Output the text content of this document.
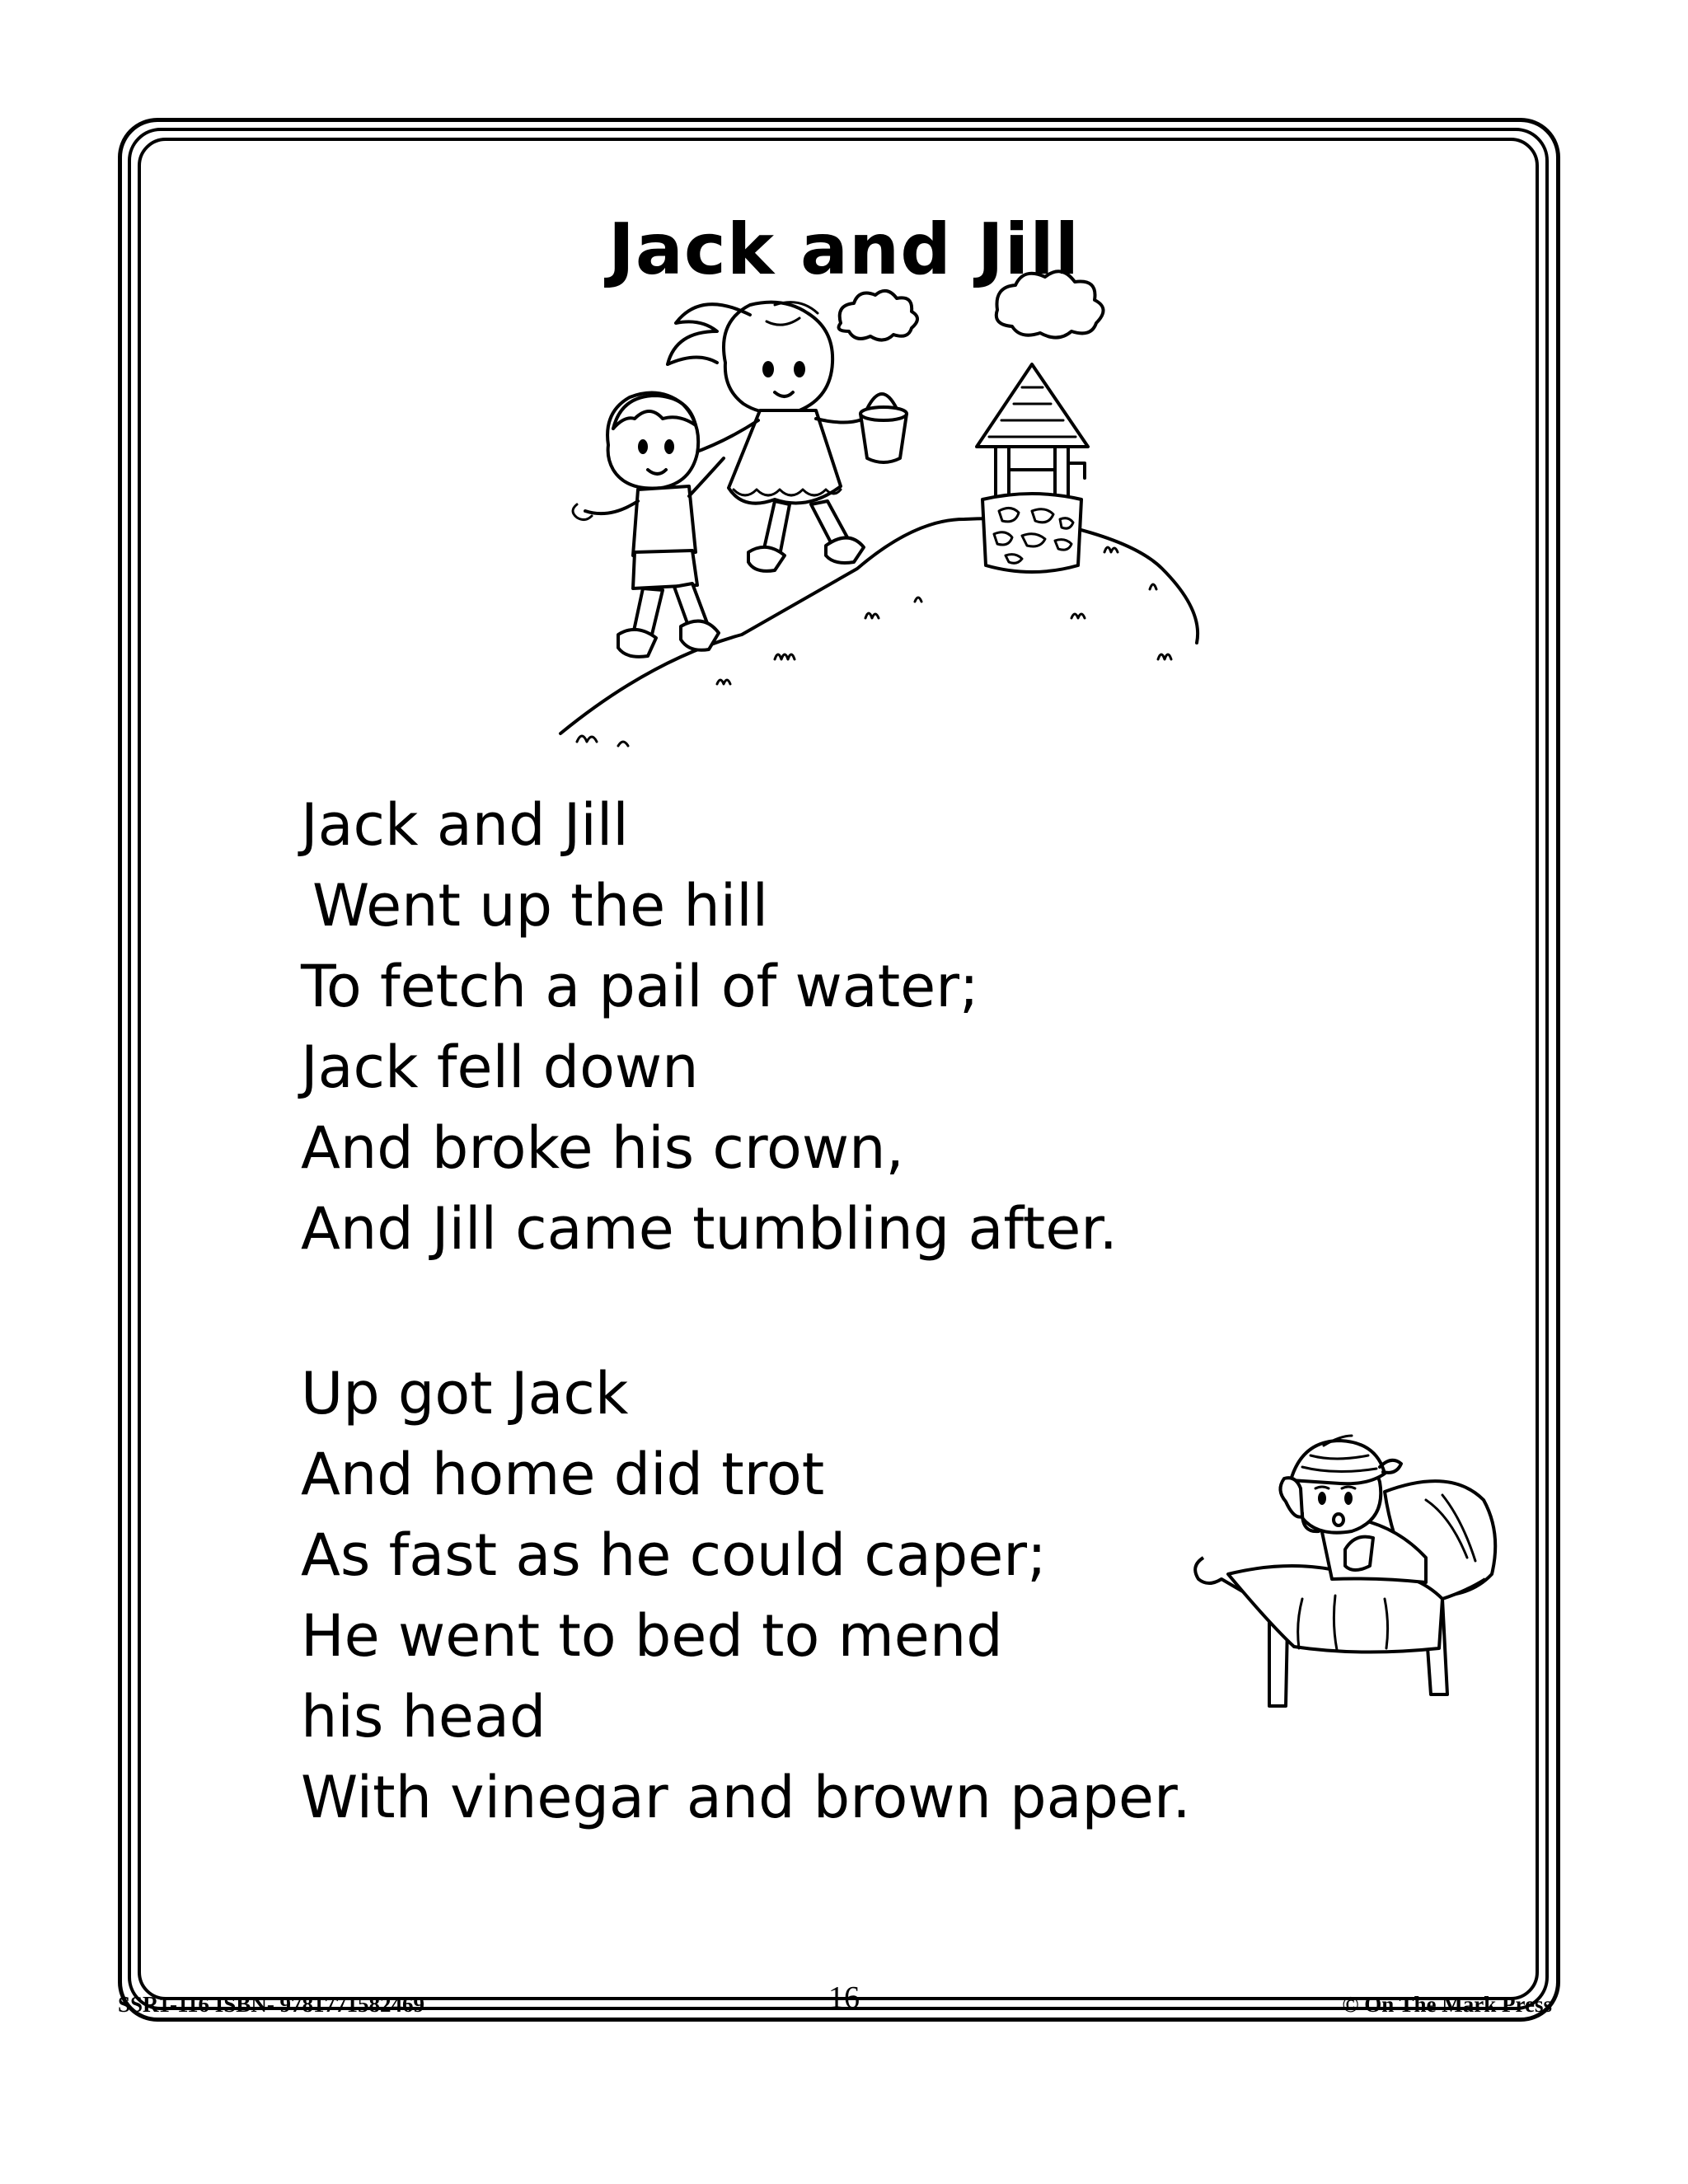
Jack and Jill
Jack and Jill
Went up the hill
To fetch a pail of water;
Jack fell down
And broke his crown,
And Jill came tumbling after.
Up got Jack
And home did trot
As fast as he could caper;
He went to bed to mend
his head
With vinegar and brown paper.
SSR1-116 ISBN- 9781771582469	16	© On The Mark Press
